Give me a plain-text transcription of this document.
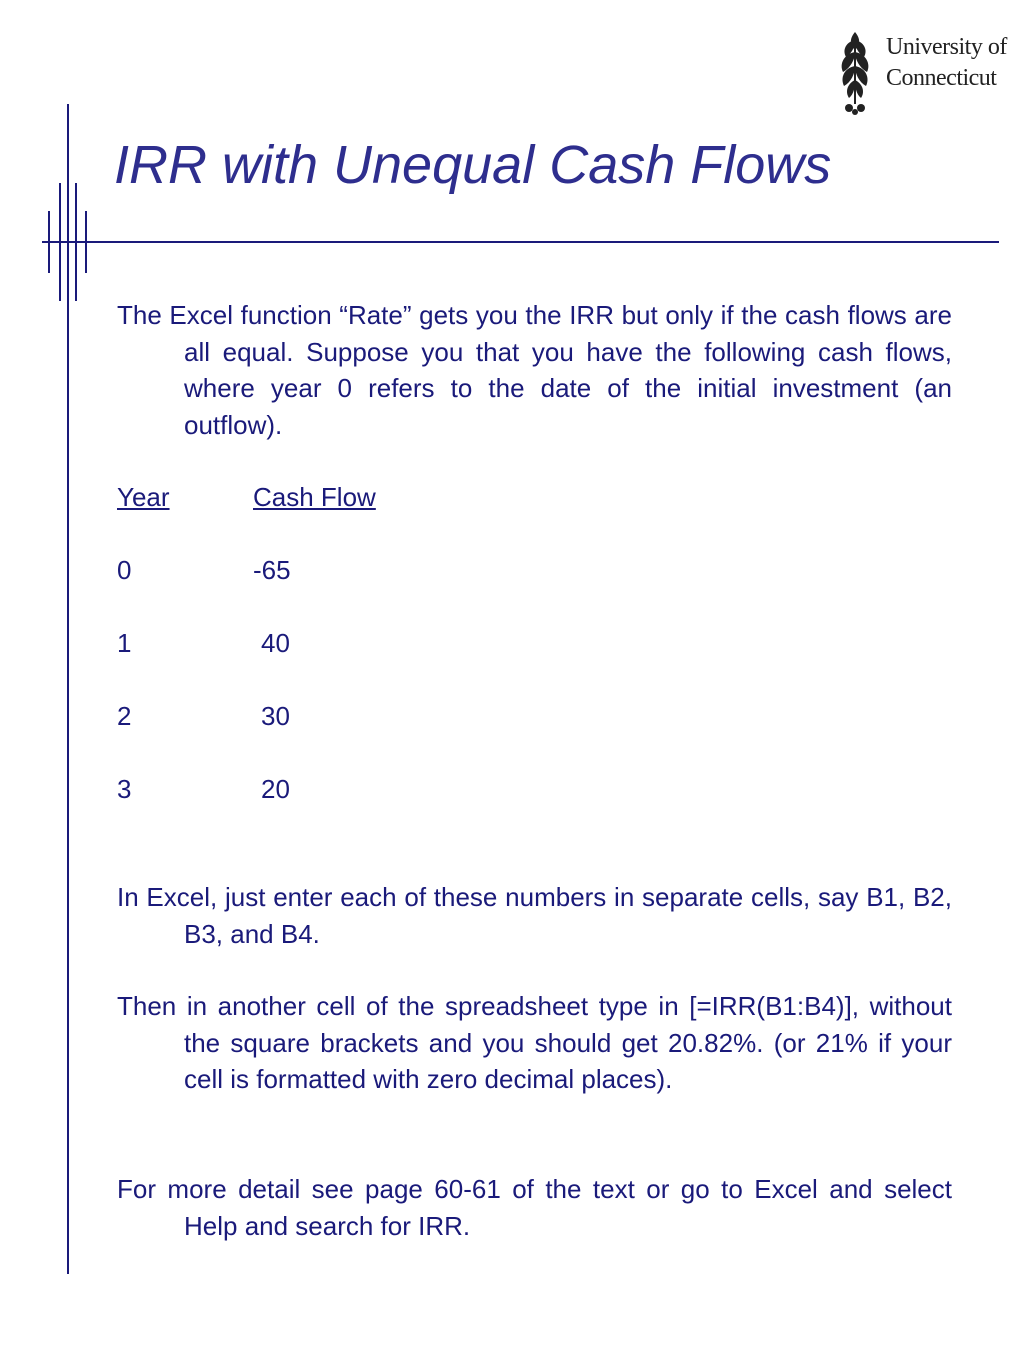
University of
Connecticut
IRR with Unequal Cash Flows

The Excel function “Rate” gets you the IRR but only if the cash flows are all equal. Suppose you that you have the following cash flows, where year 0 refers to the date of the initial investment (an outflow).

Year	Cash Flow
0	-65
1	40
2	30
3	20

In Excel, just enter each of these numbers in separate cells, say B1, B2, B3, and B4.

Then in another cell of the spreadsheet type in [=IRR(B1:B4)], without the square brackets and you should get 20.82%. (or 21% if your cell is formatted with zero decimal places).

For more detail see page 60-61 of the text or go to Excel and select Help and search for IRR.
